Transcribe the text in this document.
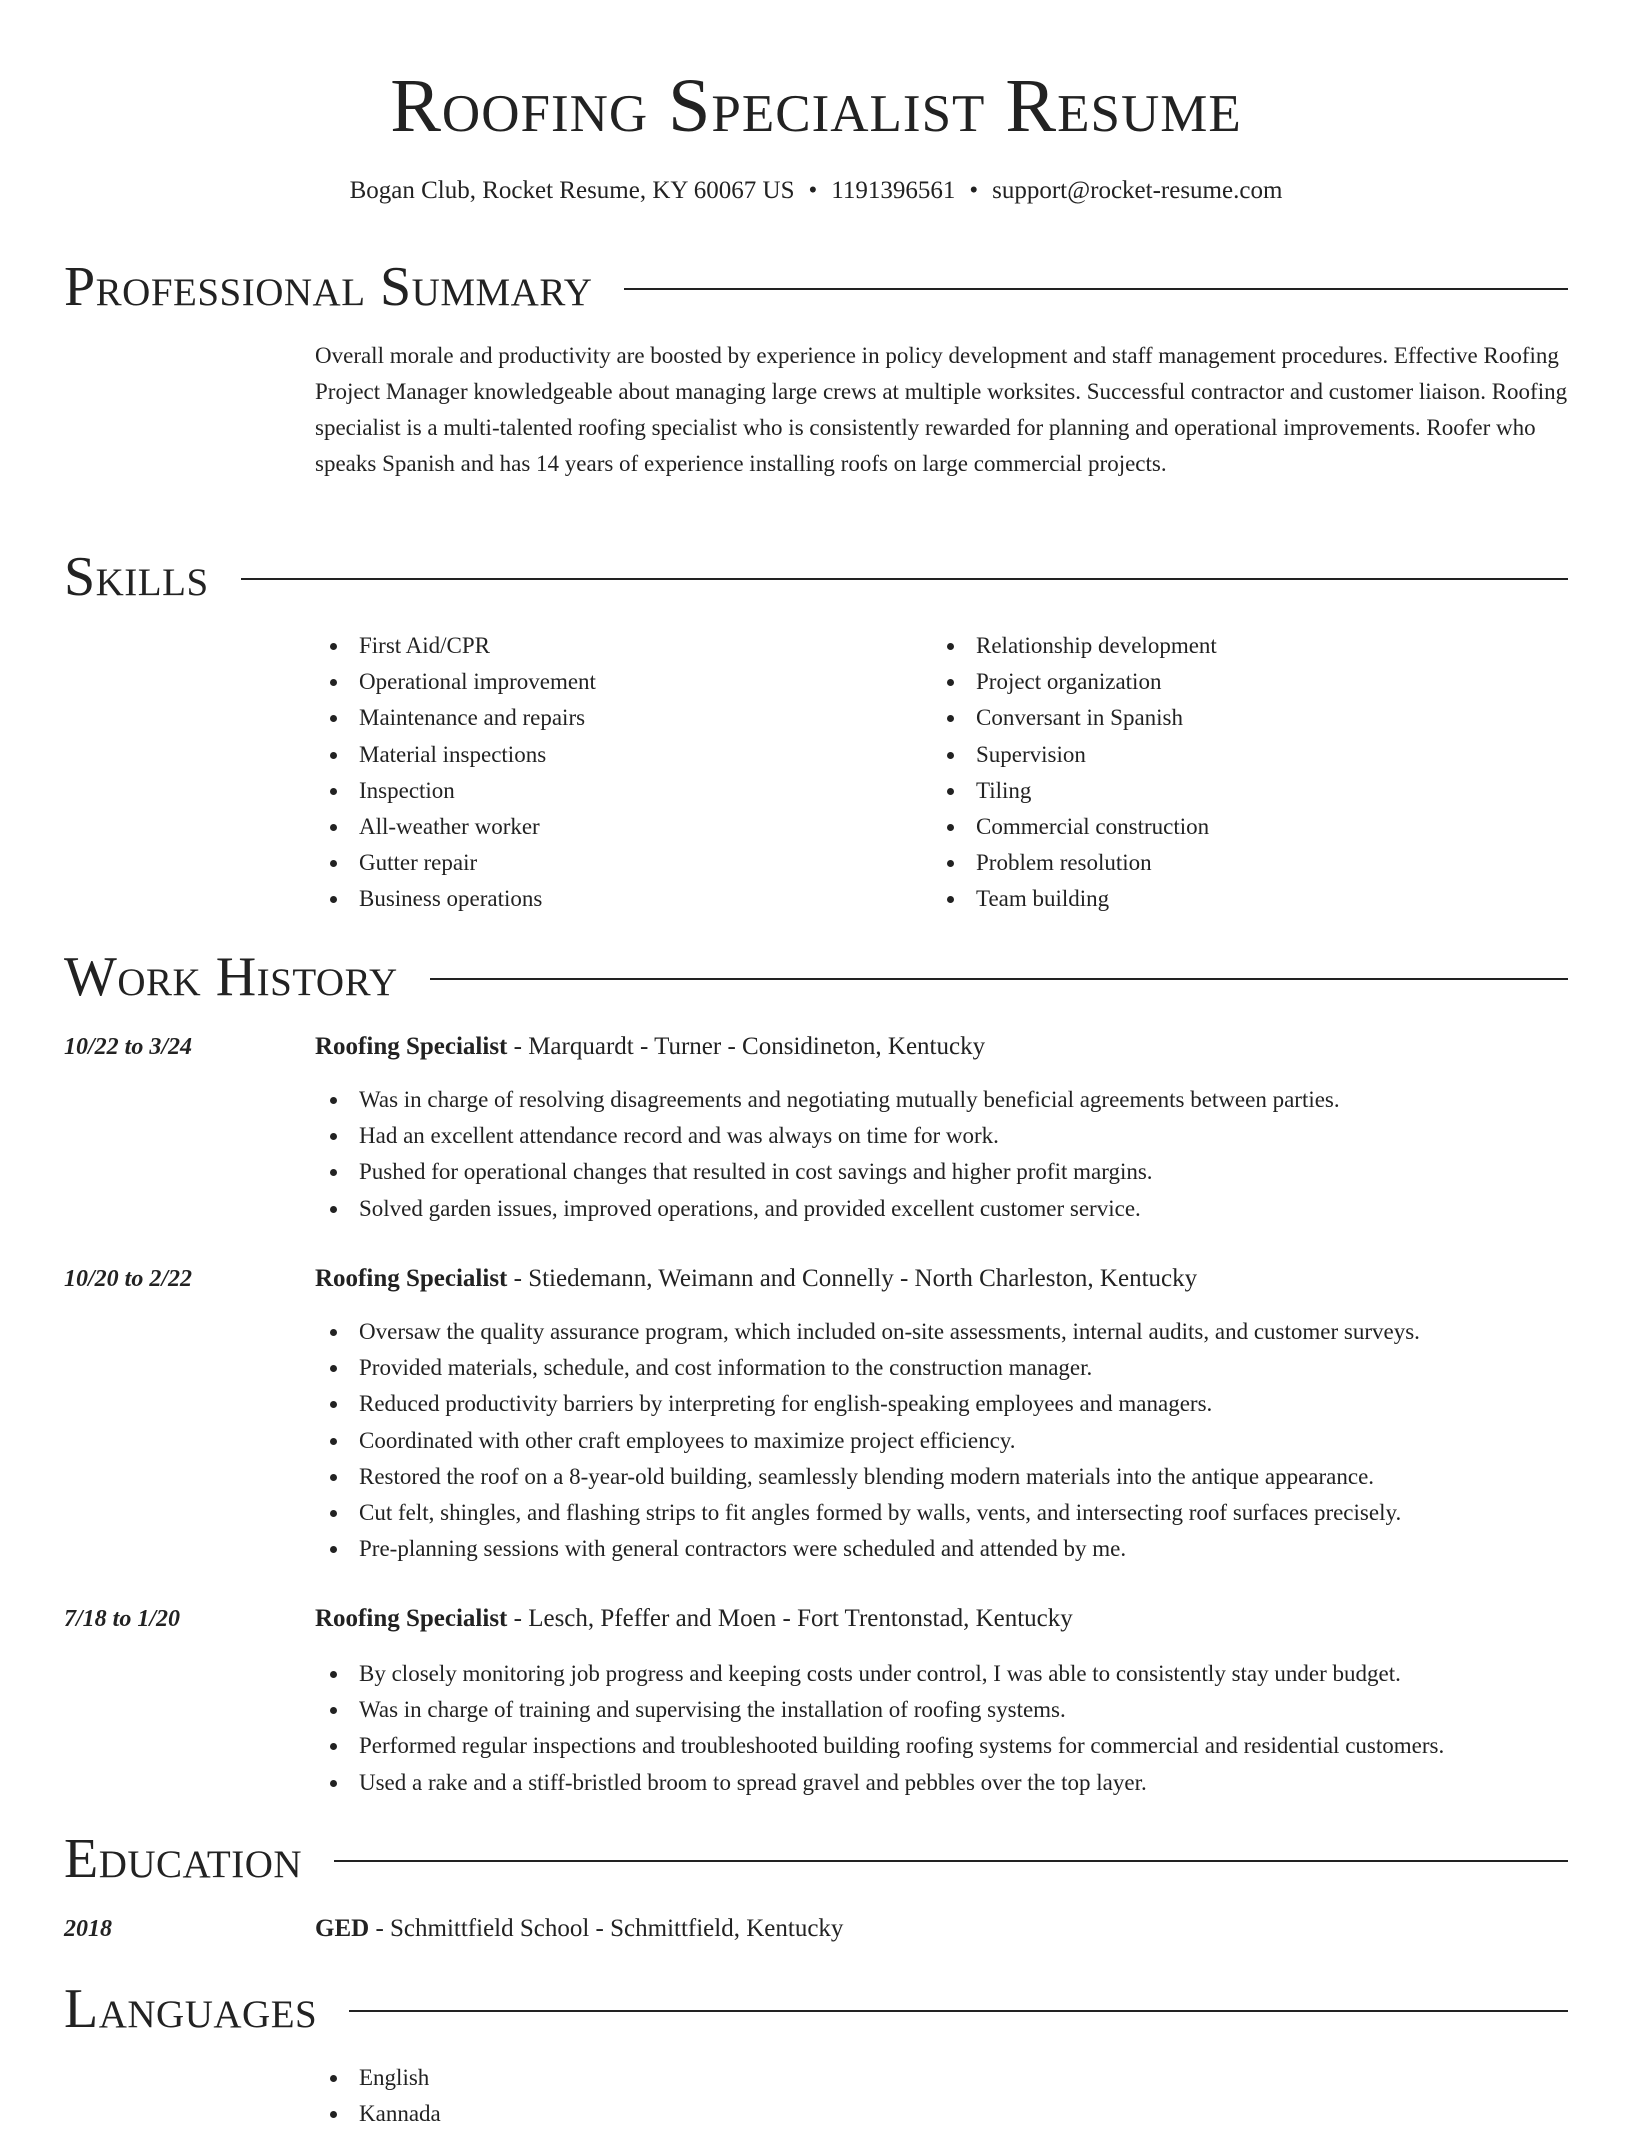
Roofing Specialist Resume
Bogan Club, Rocket Resume, KY 60067 US • 1191396561 • support@rocket-resume.com
Professional Summary
Overall morale and productivity are boosted by experience in policy development and staff management procedures. Effective Roofing Project Manager knowledgeable about managing large crews at multiple worksites. Successful contractor and customer liaison. Roofing specialist is a multi-talented roofing specialist who is consistently rewarded for planning and operational improvements. Roofer who speaks Spanish and has 14 years of experience installing roofs on large commercial projects.
Skills
First Aid/CPR
Operational improvement
Maintenance and repairs
Material inspections
Inspection
All-weather worker
Gutter repair
Business operations
Relationship development
Project organization
Conversant in Spanish
Supervision
Tiling
Commercial construction
Problem resolution
Team building
Work History
10/22 to 3/24	Roofing Specialist - Marquardt - Turner - Considineton, Kentucky
Was in charge of resolving disagreements and negotiating mutually beneficial agreements between parties.
Had an excellent attendance record and was always on time for work.
Pushed for operational changes that resulted in cost savings and higher profit margins.
Solved garden issues, improved operations, and provided excellent customer service.
10/20 to 2/22	Roofing Specialist - Stiedemann, Weimann and Connelly - North Charleston, Kentucky
Oversaw the quality assurance program, which included on-site assessments, internal audits, and customer surveys.
Provided materials, schedule, and cost information to the construction manager.
Reduced productivity barriers by interpreting for english-speaking employees and managers.
Coordinated with other craft employees to maximize project efficiency.
Restored the roof on a 8-year-old building, seamlessly blending modern materials into the antique appearance.
Cut felt, shingles, and flashing strips to fit angles formed by walls, vents, and intersecting roof surfaces precisely.
Pre-planning sessions with general contractors were scheduled and attended by me.
7/18 to 1/20	Roofing Specialist - Lesch, Pfeffer and Moen - Fort Trentonstad, Kentucky
By closely monitoring job progress and keeping costs under control, I was able to consistently stay under budget.
Was in charge of training and supervising the installation of roofing systems.
Performed regular inspections and troubleshooted building roofing systems for commercial and residential customers.
Used a rake and a stiff-bristled broom to spread gravel and pebbles over the top layer.
Education
2018	GED - Schmittfield School - Schmittfield, Kentucky
Languages
English
Kannada
